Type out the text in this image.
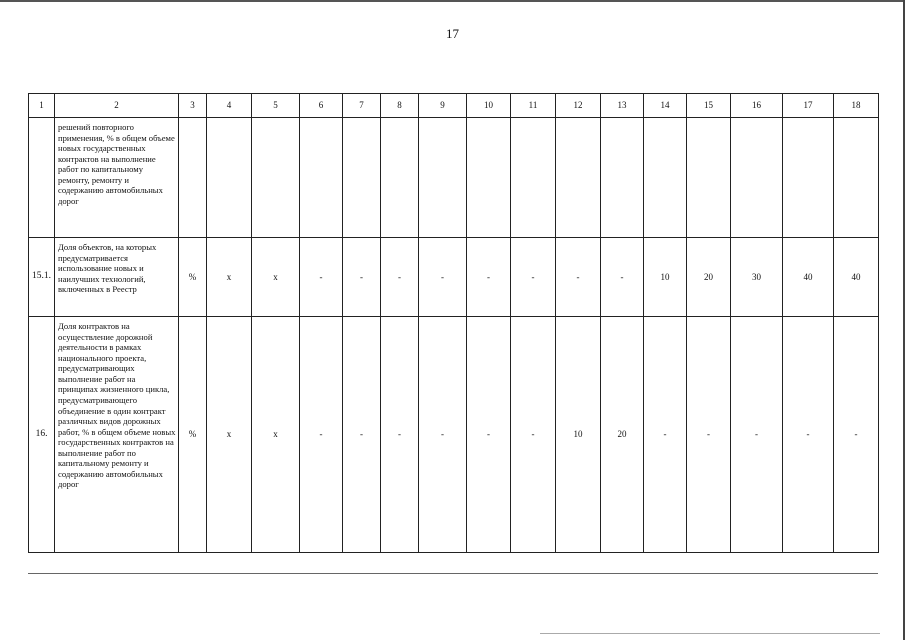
17
1	2	3	4	5	6	7	8	9	10	11	12	13	14	15	16	17	18
	решений повторного применения, % в общем объеме новых государственных контрактов на выполнение работ по капитальному ремонту, ремонту и содержанию автомобильных дорог																
15.1.	Доля объектов, на которых предусматривается использование новых и наилучших технологий, включенных в Реестр	%	x	x	-	-	-	-	-	-	-	-	10	20	30	40	40
16.	Доля контрактов на осуществление дорожной деятельности в рамках национального проекта, предусматривающих выполнение работ на принципах жизненного цикла, предусматривающего объединение в один контракт различных видов дорожных работ, % в общем объеме новых государственных контрактов на выполнение работ по капитальному ремонту и содержанию автомобильных дорог	%	x	x	-	-	-	-	-	-	10	20	-	-	-	-	-
